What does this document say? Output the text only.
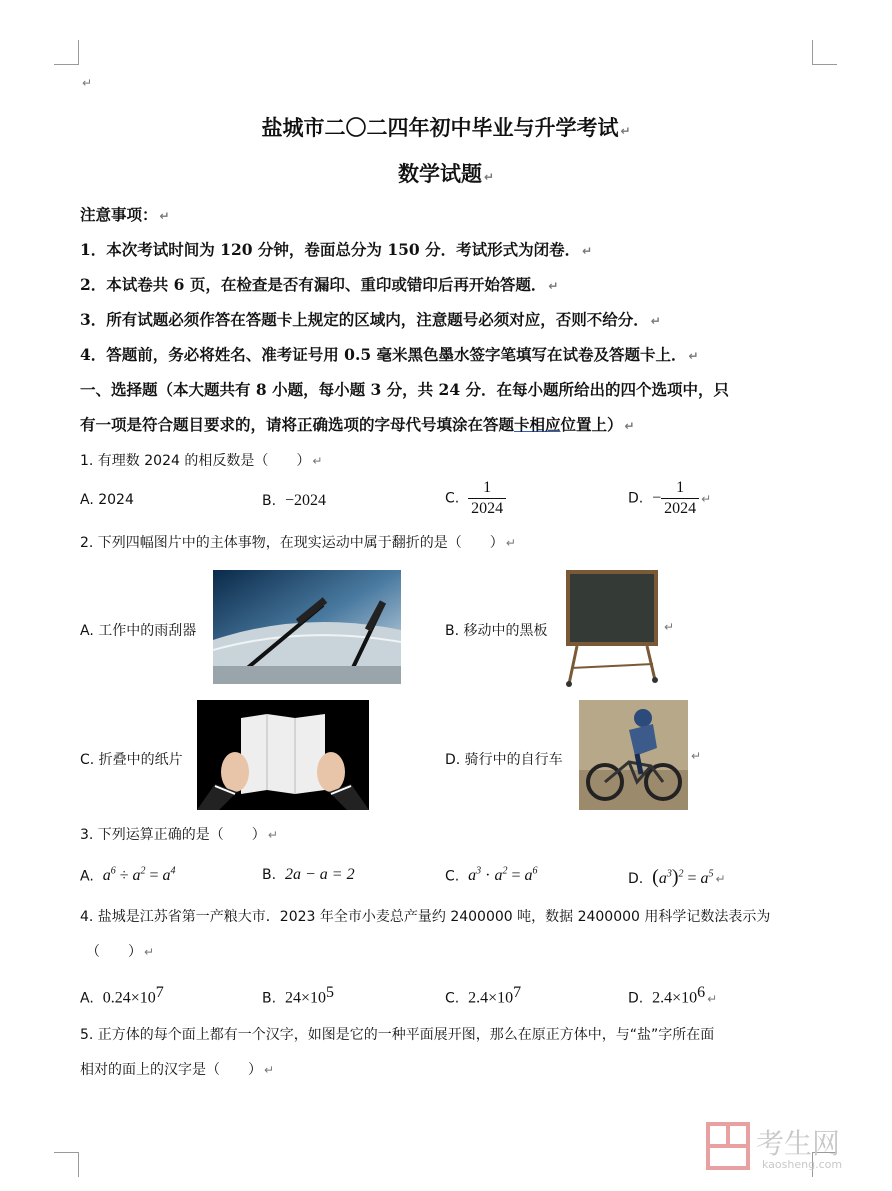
↵
盐城市二〇二四年初中毕业与升学考试 ↵
数学试题 ↵
注意事项： ↵
1．本次考试时间为 120 分钟，卷面总分为 150 分．考试形式为闭卷． ↵
2．本试卷共 6 页，在检查是否有漏印、重印或错印后再开始答题． ↵
3．所有试题必须作答在答题卡上规定的区域内，注意题号必须对应，否则不给分． ↵
4．答题前，务必将姓名、准考证号用 0.5 毫米黑色墨水签字笔填写在试卷及答题卡上． ↵
一、选择题（本大题共有 8 小题，每小题 3 分，共 24 分．在每小题所给出的四个选项中，只
有一项是符合题目要求的，请将正确选项的字母代号填涂在答题卡相应位置上） ↵
1. 有理数 2024 的相反数是（　　） ↵
A. 2024	B. −2024	C. $\frac{1}{2024}$	D. − $\frac{1}{2024}$ ↵
2. 下列四幅图片中的主体事物，在现实运动中属于翻折的是（　　） ↵
A. 工作中的雨刮器	B. 移动中的黑板	↵
C. 折叠中的纸片	D. 骑行中的自行车	↵
3. 下列运算正确的是（　　） ↵
A. $a^6 \div a^2 = a^4$	B. 2a − a = 2	C. $a^3 \cdot a^2 = a^6$	D. $(a^3)^2 = a^5$ ↵
4. 盐城是江苏省第一产粮大市．2023 年全市小麦总产量约 2400000 吨，数据 2400000 用科学记数法表示为
（　　） ↵
A. $0.24\times 10^7$	B. $24\times 10^5$	C. $2.4\times 10^7$	D. $2.4\times 10^6$ ↵
5. 正方体的每个面上都有一个汉字，如图是它的一种平面展开图，那么在原正方体中，与“盐”字所在面
相对的面上的汉字是（　　） ↵
考生网
kaosheng.com
